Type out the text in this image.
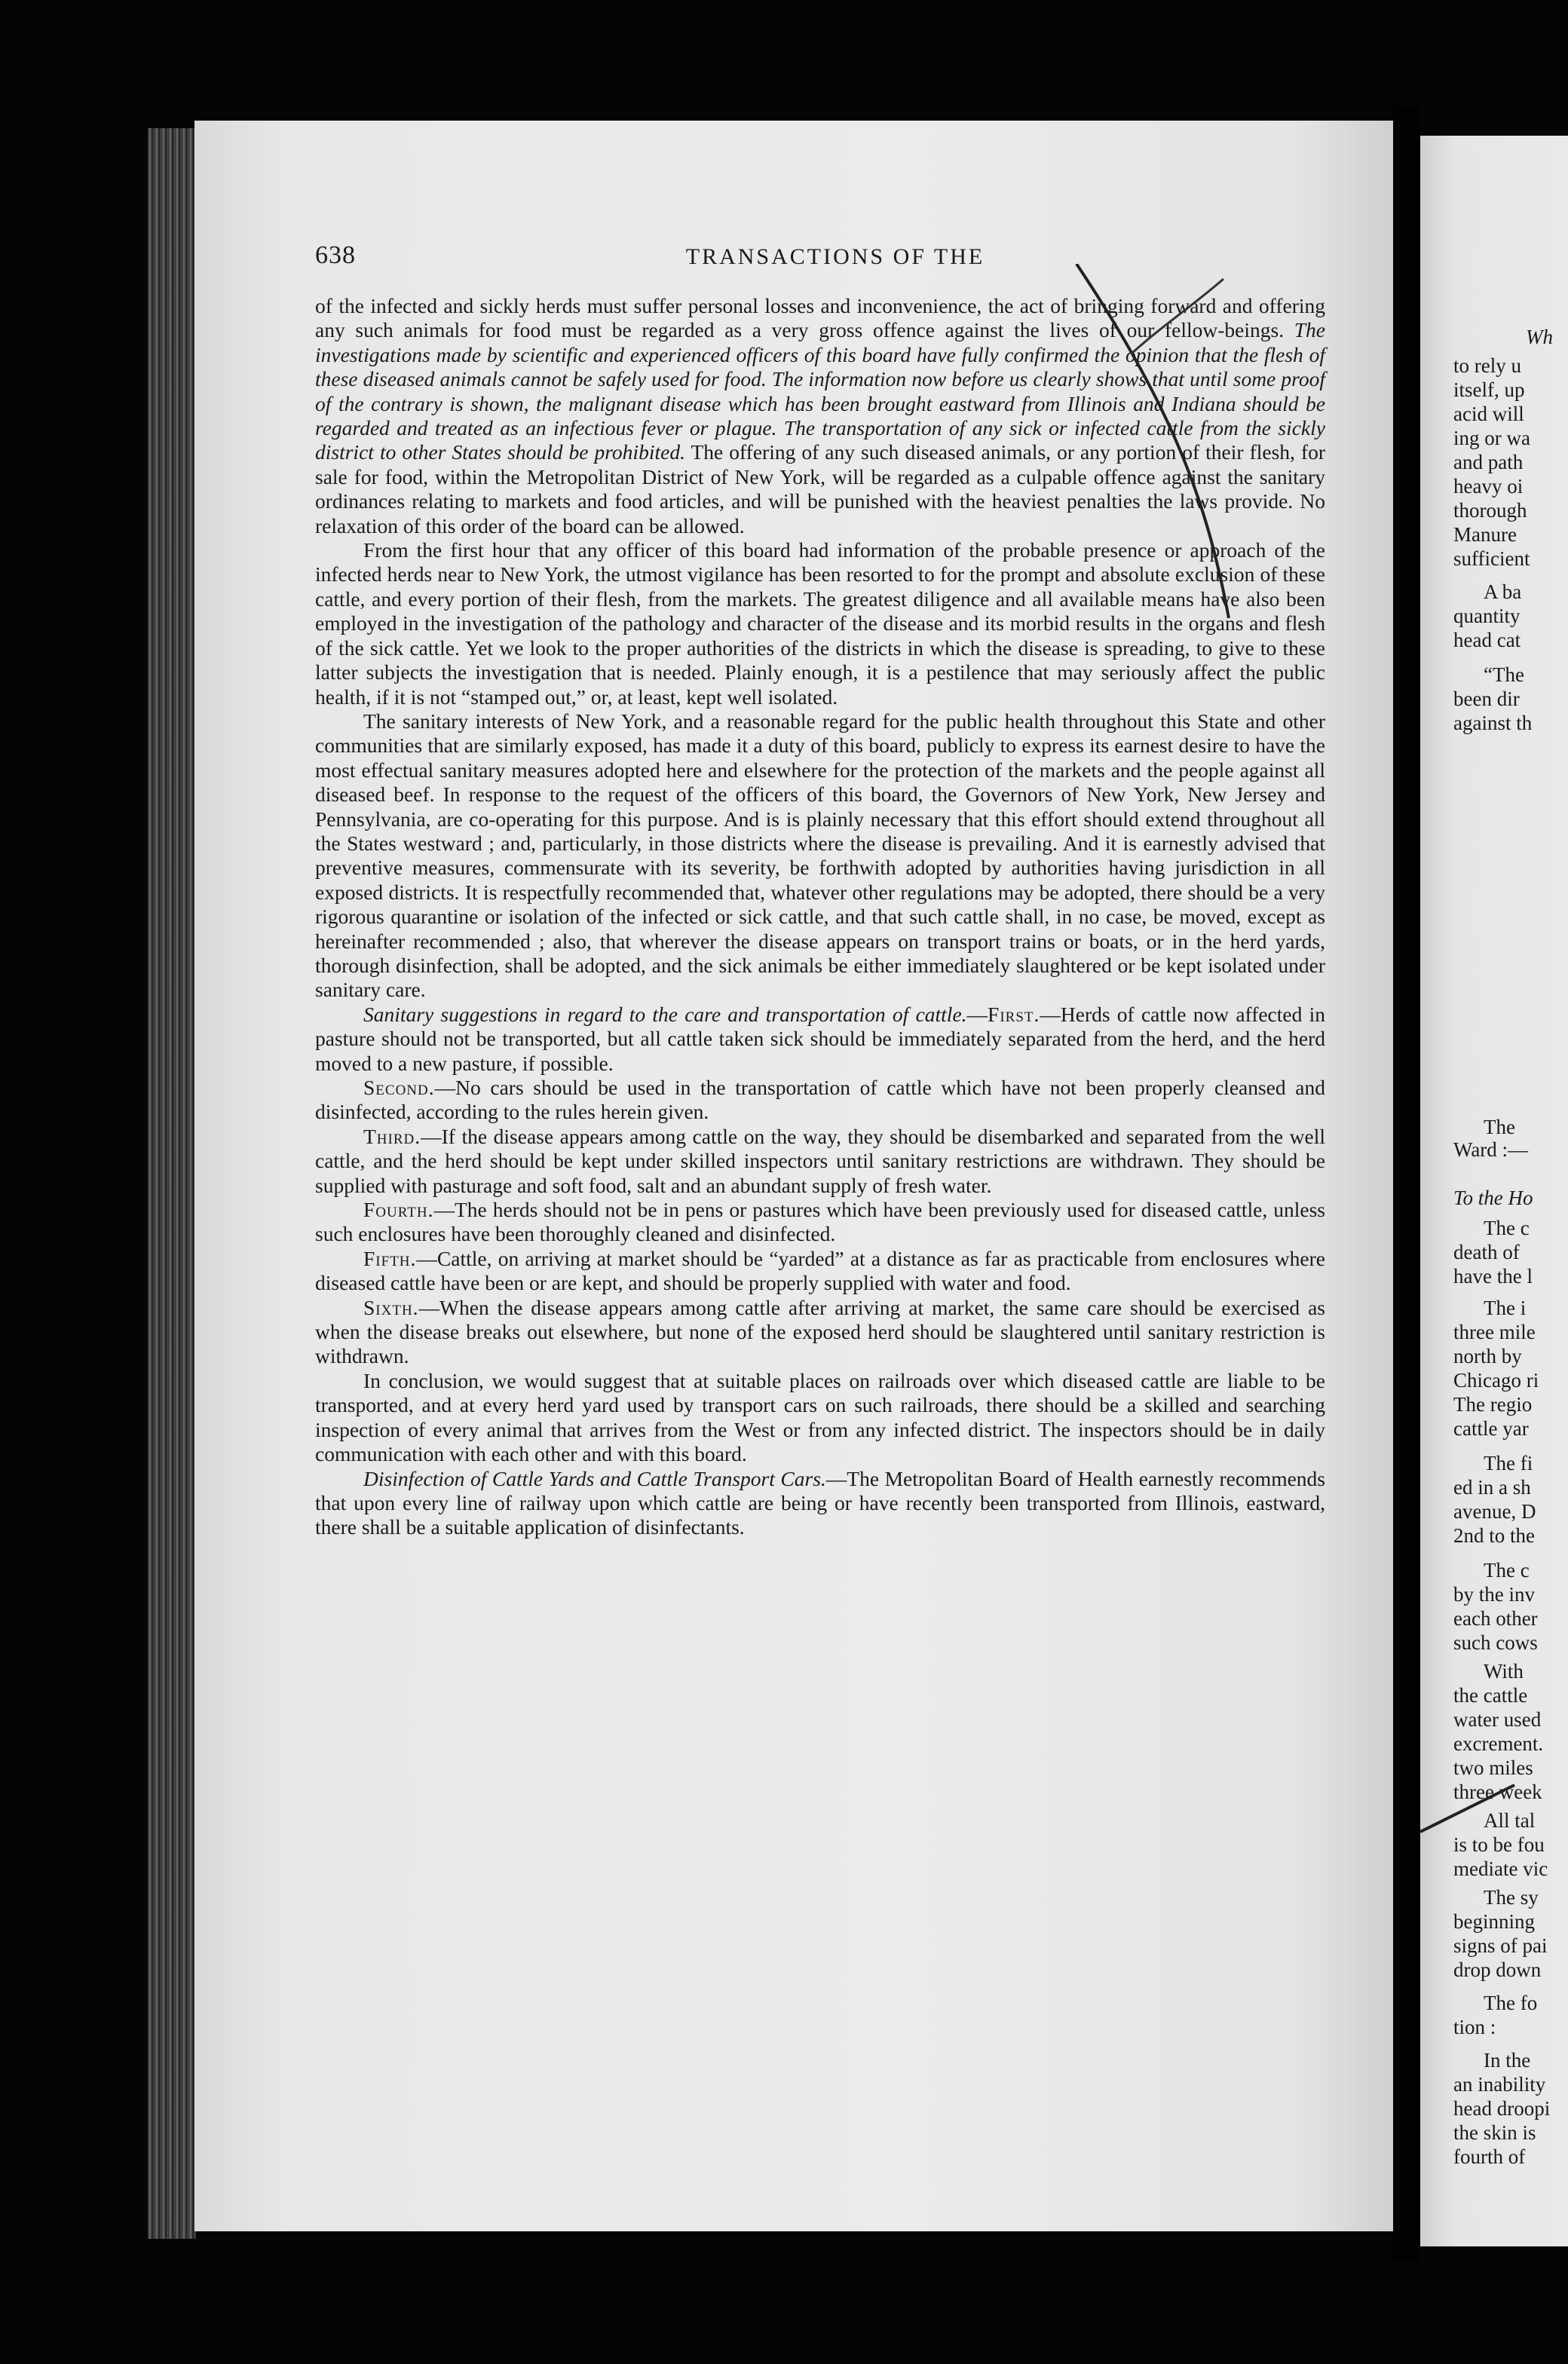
638	TRANSACTIONS OF THE

of the infected and sickly herds must suffer personal losses and inconvenience, the act of bringing forward and offering any such animals for food must be regarded as a very gross offence against the lives of our fellow-beings. The investigations made by scientific and experienced officers of this board have fully confirmed the opinion that the flesh of these diseased animals cannot be safely used for food. The information now before us clearly shows that until some proof of the contrary is shown, the malignant disease which has been brought eastward from Illinois and Indiana should be regarded and treated as an infectious fever or plague. The transportation of any sick or infected cattle from the sickly district to other States should be prohibited. The offering of any such diseased animals, or any portion of their flesh, for sale for food, within the Metropolitan District of New York, will be regarded as a culpable offence against the sanitary ordinances relating to markets and food articles, and will be punished with the heaviest penalties the laws provide. No relaxation of this order of the board can be allowed.

From the first hour that any officer of this board had information of the probable presence or approach of the infected herds near to New York, the utmost vigilance has been resorted to for the prompt and absolute exclusion of these cattle, and every portion of their flesh, from the markets. The greatest diligence and all available means have also been employed in the investigation of the pathology and character of the disease and its morbid results in the organs and flesh of the sick cattle. Yet we look to the proper authorities of the districts in which the disease is spreading, to give to these latter subjects the investigation that is needed. Plainly enough, it is a pestilence that may seriously affect the public health, if it is not “stamped out,” or, at least, kept well isolated.

The sanitary interests of New York, and a reasonable regard for the public health throughout this State and other communities that are similarly exposed, has made it a duty of this board, publicly to express its earnest desire to have the most effectual sanitary measures adopted here and elsewhere for the protection of the markets and the people against all diseased beef. In response to the request of the officers of this board, the Governors of New York, New Jersey and Pennsylvania, are co-operating for this purpose. And is is plainly necessary that this effort should extend throughout all the States westward ; and, particularly, in those districts where the disease is prevailing. And it is earnestly advised that preventive measures, commensurate with its severity, be forthwith adopted by authorities having jurisdiction in all exposed districts. It is respectfully recommended that, whatever other regulations may be adopted, there should be a very rigorous quarantine or isolation of the infected or sick cattle, and that such cattle shall, in no case, be moved, except as hereinafter recommended ; also, that wherever the disease appears on transport trains or boats, or in the herd yards, thorough disinfection, shall be adopted, and the sick animals be either immediately slaughtered or be kept isolated under sanitary care.

Sanitary suggestions in regard to the care and transportation of cattle.—First.—Herds of cattle now affected in pasture should not be transported, but all cattle taken sick should be immediately separated from the herd, and the herd moved to a new pasture, if possible.

Second.—No cars should be used in the transportation of cattle which have not been properly cleansed and disinfected, according to the rules herein given.

Third.—If the disease appears among cattle on the way, they should be disembarked and separated from the well cattle, and the herd should be kept under skilled inspectors until sanitary restrictions are withdrawn. They should be supplied with pasturage and soft food, salt and an abundant supply of fresh water.

Fourth.—The herds should not be in pens or pastures which have been previously used for diseased cattle, unless such enclosures have been thoroughly cleaned and disinfected.

Fifth.—Cattle, on arriving at market should be “yarded” at a distance as far as practicable from enclosures where diseased cattle have been or are kept, and should be properly supplied with water and food.

Sixth.—When the disease appears among cattle after arriving at market, the same care should be exercised as when the disease breaks out elsewhere, but none of the exposed herd should be slaughtered until sanitary restriction is withdrawn.

In conclusion, we would suggest that at suitable places on railroads over which diseased cattle are liable to be transported, and at every herd yard used by transport cars on such railroads, there should be a skilled and searching inspection of every animal that arrives from the West or from any infected district. The inspectors should be in daily communication with each other and with this board.

Disinfection of Cattle Yards and Cattle Transport Cars.—The Metropolitan Board of Health earnestly recommends that upon every line of railway upon which cattle are being or have recently been transported from Illinois, eastward, there shall be a suitable application of disinfectants.

Wh
to rely u
itself, up
acid will
ing or wa
and path
heavy oi
thorough
Manure
sufficient
A ba
quantity
head cat
“The
been dir
against th
The
Ward :—
To the Ho
The c
death of
have the l
The i
three mile
north by
Chicago ri
The regio
cattle yar
The fi
ed in a sh
avenue, D
2nd to the
The c
by the inv
each other
such cows
With
the cattle
water used
excrement.
two miles
three week
All tal
is to be fou
mediate vic
The sy
beginning
signs of pai
drop down
The fo
tion :
In the
an inability
head droopi
the skin is
fourth of
